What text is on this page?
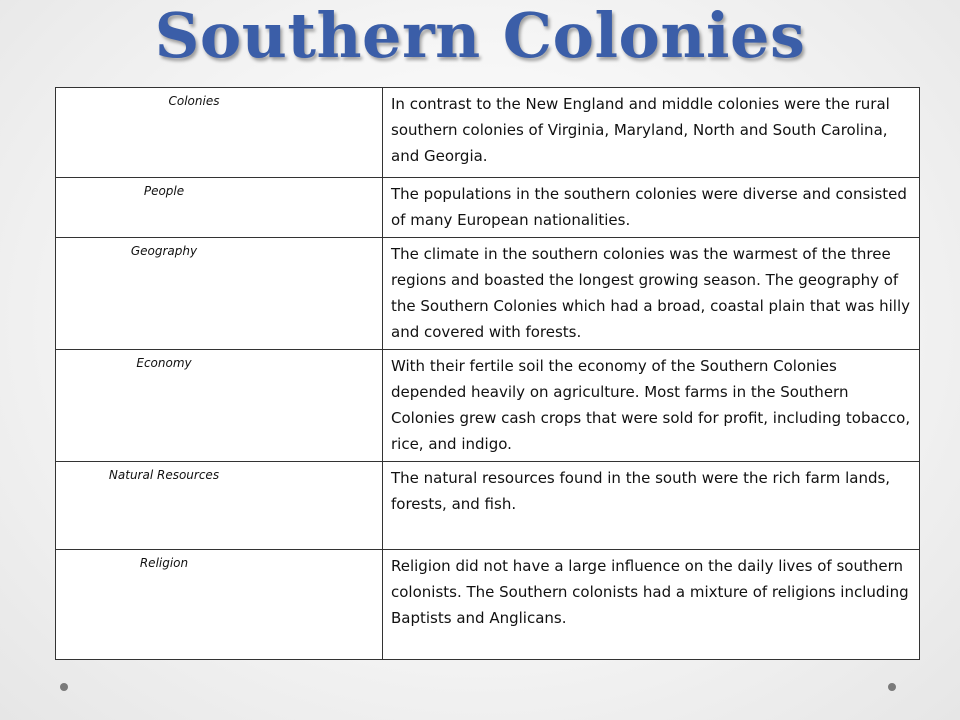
Southern Colonies
Colonies	In contrast to the New England and middle colonies were the rural southern colonies of Virginia, Maryland, North and South Carolina, and Georgia.

People	The populations in the southern colonies were diverse and consisted of many European nationalities.

Geography	The climate in the southern colonies was the warmest of the three regions and boasted the longest growing season. The geography of the Southern Colonies which had a broad, coastal plain that was hilly and covered with forests.

Economy	With their fertile soil the economy of the Southern Colonies depended heavily on agriculture. Most farms in the Southern Colonies grew cash crops that were sold for profit, including tobacco, rice, and indigo.

Natural Resources	The natural resources found in the south were the rich farm lands, forests, and fish.

Religion	Religion did not have a large influence on the daily lives of southern colonists. The Southern colonists had a mixture of religions including Baptists and Anglicans.
